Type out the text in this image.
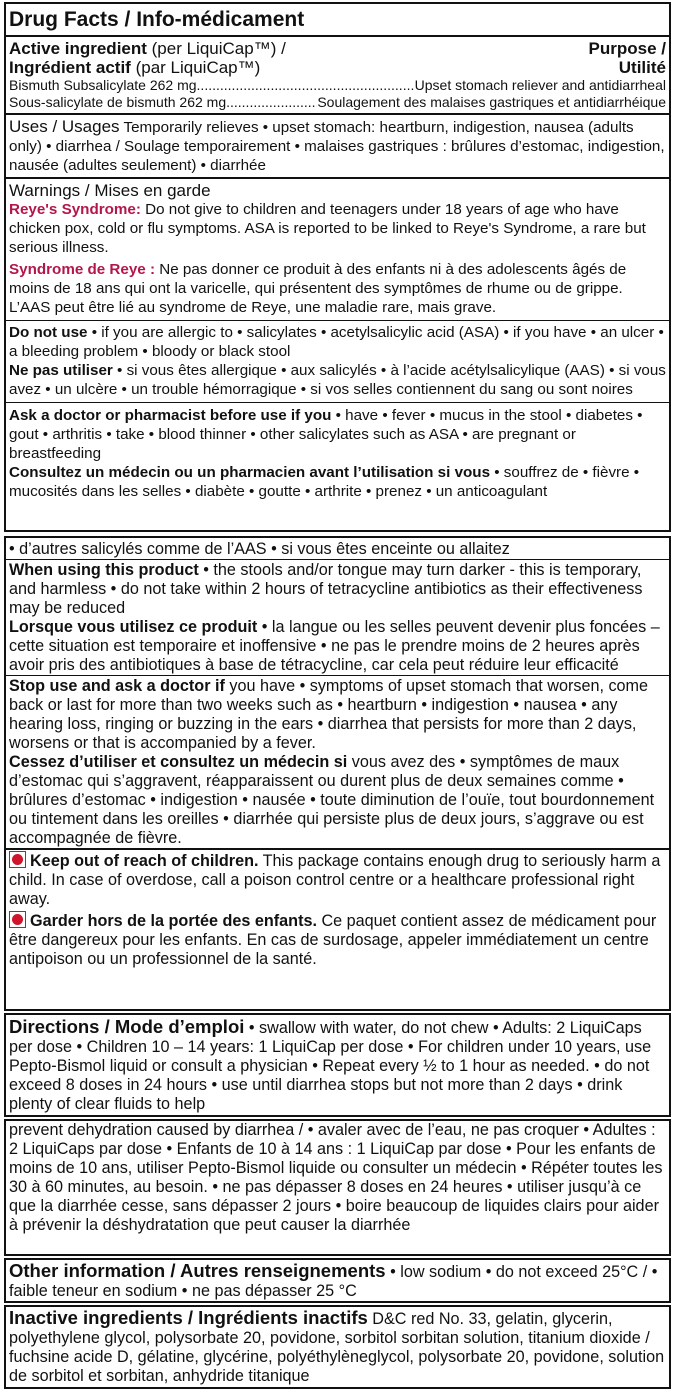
Drug Facts / Info-médicament
Active ingredient (per LiquiCap™) /
Ingrédient actif (par LiquiCap™)
Purpose /
Utilité
Bismuth Subsalicylate 262 mg .....	Upset stomach reliever and antidiarrheal
Sous-salicylate de bismuth 262 mg .....	Soulagement des malaises gastriques et antidiarrhéique
Uses / Usages Temporarily relieves • upset stomach: heartburn, indigestion, nausea (adults only) • diarrhea / Soulage temporairement • malaises gastriques : brûlures d’estomac, indigestion, nausée (adultes seulement) • diarrhée
Warnings / Mises en garde
Reye's Syndrome: Do not give to children and teenagers under 18 years of age who have chicken pox, cold or flu symptoms. ASA is reported to be linked to Reye's Syndrome, a rare but serious illness.
Syndrome de Reye : Ne pas donner ce produit à des enfants ni à des adolescents âgés de moins de 18 ans qui ont la varicelle, qui présentent des symptômes de rhume ou de grippe. L’AAS peut être lié au syndrome de Reye, une maladie rare, mais grave.
Do not use • if you are allergic to • salicylates • acetylsalicylic acid (ASA) • if you have • an ulcer • a bleeding problem • bloody or black stool
Ne pas utiliser • si vous êtes allergique • aux salicylés • à l’acide acétylsalicylique (AAS) • si vous avez • un ulcère • un trouble hémorragique • si vos selles contiennent du sang ou sont noires
Ask a doctor or pharmacist before use if you • have • fever • mucus in the stool • diabetes • gout • arthritis • take • blood thinner • other salicylates such as ASA • are pregnant or breastfeeding
Consultez un médecin ou un pharmacien avant l’utilisation si vous • souffrez de • fièvre • mucosités dans les selles • diabète • goutte • arthrite • prenez • un anticoagulant
• d’autres salicylés comme de l’AAS • si vous êtes enceinte ou allaitez
When using this product • the stools and/or tongue may turn darker - this is temporary, and harmless • do not take within 2 hours of tetracycline antibiotics as their effectiveness may be reduced
Lorsque vous utilisez ce produit • la langue ou les selles peuvent devenir plus foncées – cette situation est temporaire et inoffensive • ne pas le prendre moins de 2 heures après avoir pris des antibiotiques à base de tétracycline, car cela peut réduire leur efficacité
Stop use and ask a doctor if you have • symptoms of upset stomach that worsen, come back or last for more than two weeks such as • heartburn • indigestion • nausea • any hearing loss, ringing or buzzing in the ears • diarrhea that persists for more than 2 days, worsens or that is accompanied by a fever.
Cessez d’utiliser et consultez un médecin si vous avez des • symptômes de maux d’estomac qui s’aggravent, réapparaissent ou durent plus de deux semaines comme • brûlures d’estomac • indigestion • nausée • toute diminution de l’ouïe, tout bourdonnement ou tintement dans les oreilles • diarrhée qui persiste plus de deux jours, s’aggrave ou est accompagnée de fièvre.
Keep out of reach of children. This package contains enough drug to seriously harm a child. In case of overdose, call a poison control centre or a healthcare professional right away.
Garder hors de la portée des enfants. Ce paquet contient assez de médicament pour être dangereux pour les enfants. En cas de surdosage, appeler immédiatement un centre antipoison ou un professionnel de la santé.
Directions / Mode d’emploi • swallow with water, do not chew • Adults: 2 LiquiCaps per dose • Children 10 – 14 years: 1 LiquiCap per dose • For children under 10 years, use Pepto-Bismol liquid or consult a physician • Repeat every ½ to 1 hour as needed. • do not exceed 8 doses in 24 hours • use until diarrhea stops but not more than 2 days • drink plenty of clear fluids to help
prevent dehydration caused by diarrhea / • avaler avec de l’eau, ne pas croquer • Adultes : 2 LiquiCaps par dose • Enfants de 10 à 14 ans : 1 LiquiCap par dose • Pour les enfants de moins de 10 ans, utiliser Pepto-Bismol liquide ou consulter un médecin • Répéter toutes les 30 à 60 minutes, au besoin. • ne pas dépasser 8 doses en 24 heures • utiliser jusqu’à ce que la diarrhée cesse, sans dépasser 2 jours • boire beaucoup de liquides clairs pour aider à prévenir la déshydratation que peut causer la diarrhée
Other information / Autres renseignements • low sodium • do not exceed 25°C / • faible teneur en sodium • ne pas dépasser 25 °C
Inactive ingredients / Ingrédients inactifs D&C red No. 33, gelatin, glycerin, polyethylene glycol, polysorbate 20, povidone, sorbitol sorbitan solution, titanium dioxide / fuchsine acide D, gélatine, glycérine, polyéthylèneglycol, polysorbate 20, povidone, solution de sorbitol et sorbitan, anhydride titanique
